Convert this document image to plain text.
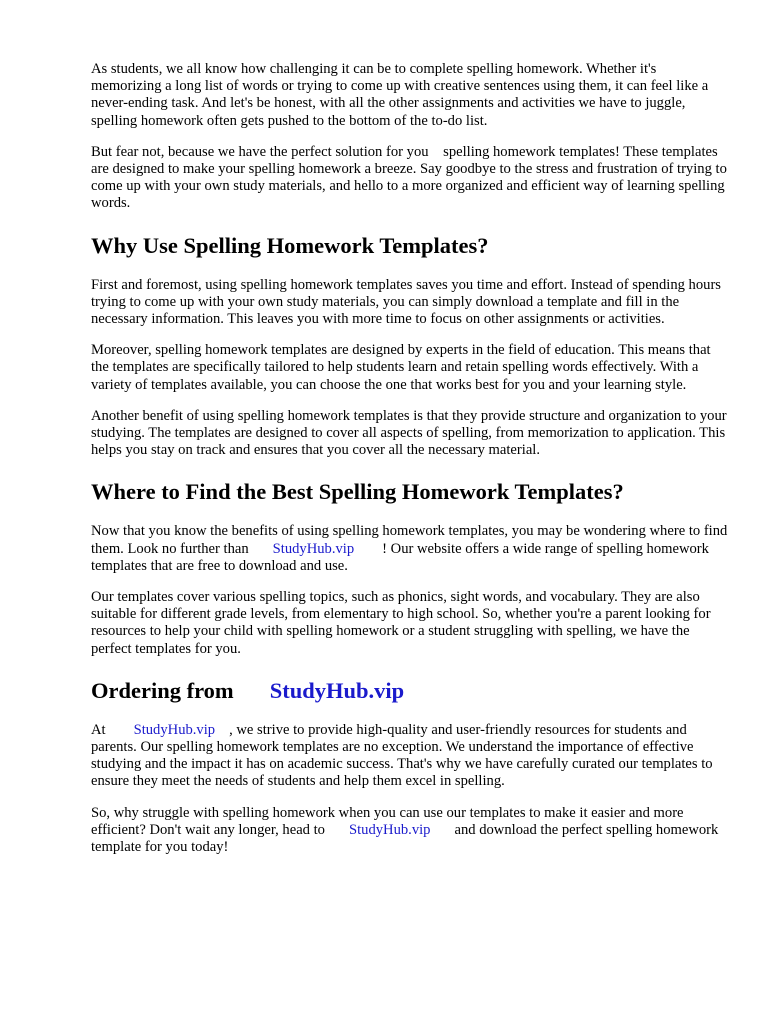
As students, we all know how challenging it can be to complete spelling homework. Whether it's memorizing a long list of words or trying to come up with creative sentences using them, it can feel like a never-ending task. And let's be honest, with all the other assignments and activities we have to juggle, spelling homework often gets pushed to the bottom of the to-do list.

But fear not, because we have the perfect solution for you    spelling homework templates! These templates are designed to make your spelling homework a breeze. Say goodbye to the stress and frustration of trying to come up with your own study materials, and hello to a more organized and efficient way of learning spelling words.

Why Use Spelling Homework Templates?

First and foremost, using spelling homework templates saves you time and effort. Instead of spending hours trying to come up with your own study materials, you can simply download a template and fill in the necessary information. This leaves you with more time to focus on other assignments or activities.

Moreover, spelling homework templates are designed by experts in the field of education. This means that the templates are specifically tailored to help students learn and retain spelling words effectively. With a variety of templates available, you can choose the one that works best for you and your learning style.

Another benefit of using spelling homework templates is that they provide structure and organization to your studying. The templates are designed to cover all aspects of spelling, from memorization to application. This helps you stay on track and ensures that you cover all the necessary material.

Where to Find the Best Spelling Homework Templates?

Now that you know the benefits of using spelling homework templates, you may be wondering where to find them. Look no further than StudyHub.vip ! Our website offers a wide range of spelling homework templates that are free to download and use.

Our templates cover various spelling topics, such as phonics, sight words, and vocabulary. They are also suitable for different grade levels, from elementary to high school. So, whether you're a parent looking for resources to help your child with spelling homework or a student struggling with spelling, we have the perfect templates for you.

Ordering from StudyHub.vip

At StudyHub.vip , we strive to provide high-quality and user-friendly resources for students and parents. Our spelling homework templates are no exception. We understand the importance of effective studying and the impact it has on academic success. That's why we have carefully curated our templates to ensure they meet the needs of students and help them excel in spelling.

So, why struggle with spelling homework when you can use our templates to make it easier and more efficient? Don't wait any longer, head to StudyHub.vip and download the perfect spelling homework template for you today!
